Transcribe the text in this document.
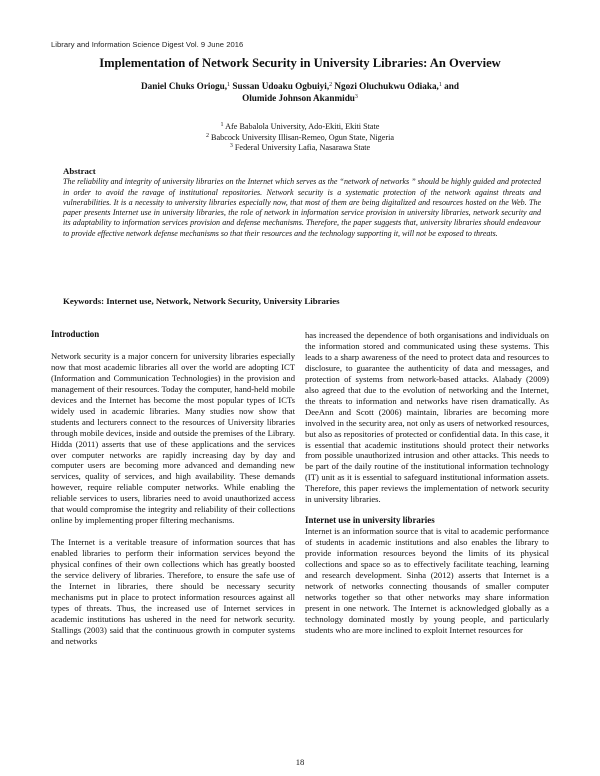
Library and Information Science Digest Vol. 9 June 2016
Implementation of Network Security in University Libraries: An Overview
Daniel Chuks Oriogu,$^1$ Sussan Udoaku Ogbuiyi,$^2$ Ngozi Oluchukwu Odiaka,$^1$ and
Olumide Johnson Akanmidu$^3$
$^1$ Afe Babalola University, Ado-Ekiti, Ekiti State
$^2$ Babcock University Illisan-Remeo, Ogun State, Nigeria
$^3$ Federal University Lafia, Nasarawa State
Abstract

The reliability and integrity of university libraries on the Internet which serves as the “network of networks ” should be highly guided and protected in order to avoid the ravage of institutional repositories. Network security is a systematic protection of the network against threats and vulnerabilities. It is a necessity to university libraries especially now, that most of them are being digitalized and resources hosted on the Web. The paper presents Internet use in university libraries, the role of network in information service provision in university libraries, network security and its adaptability to information services provision and defense mechanisms. Therefore, the paper suggests that, university libraries should endeavour to provide effective network defense mechanisms so that their resources and the technology supporting it, will not be exposed to threats.

Keywords: Internet use, Network, Network Security, University Libraries
Introduction

Network security is a major concern for university libraries especially now that most academic libraries all over the world are adopting ICT (Information and Communication Technologies) in the provision and management of their resources. Today the computer, hand-held mobile devices and the Internet has become the most popular types of ICTs widely used in academic libraries. Many studies now show that students and lecturers connect to the resources of University libraries through mobile devices, inside and outside the premises of the Library. Hidda (2011) asserts that use of these applications and the services over computer networks are rapidly increasing day by day and computer users are becoming more advanced and demanding new services, quality of services, and high availability. These demands however, require reliable computer networks. While enabling the reliable services to users, libraries need to avoid unauthorized access that would compromise the integrity and reliability of their collections online by implementing proper filtering mechanisms.

The Internet is a veritable treasure of information sources that has enabled libraries to perform their information services beyond the physical confines of their own collections which has greatly boosted the service delivery of libraries. Therefore, to ensure the safe use of the Internet in libraries, there should be necessary security mechanisms put in place to protect information resources against all types of threats. Thus, the increased use of Internet services in academic institutions has ushered in the need for network security. Stallings (2003) said that the continuous growth in computer systems and networks

has increased the dependence of both organisations and individuals on the information stored and communicated using these systems. This leads to a sharp awareness of the need to protect data and resources to disclosure, to guarantee the authenticity of data and messages, and protection of systems from network-based attacks. Alabady (2009) also agreed that due to the evolution of networking and the Internet, the threats to information and networks have risen dramatically. As DeeAnn and Scott (2006) maintain, libraries are becoming more involved in the security area, not only as users of networked resources, but also as repositories of protected or confidential data. In this case, it is essential that academic institutions should protect their networks from possible unauthorized intrusion and other attacks. This needs to be part of the daily routine of the institutional information technology (IT) unit as it is essential to safeguard institutional information assets. Therefore, this paper reviews the implementation of network security in university libraries.

Internet use in university libraries

Internet is an information source that is vital to academic performance of students in academic institutions and also enables the library to provide information resources beyond the limits of its physical collections and space so as to effectively facilitate teaching, learning and research development. Sinha (2012) asserts that Internet is a network of networks connecting thousands of smaller computer networks together so that other networks may share information present in one network. The Internet is acknowledged globally as a technology dominated mostly by young people, and particularly students who are more inclined to exploit Internet resources for

18
